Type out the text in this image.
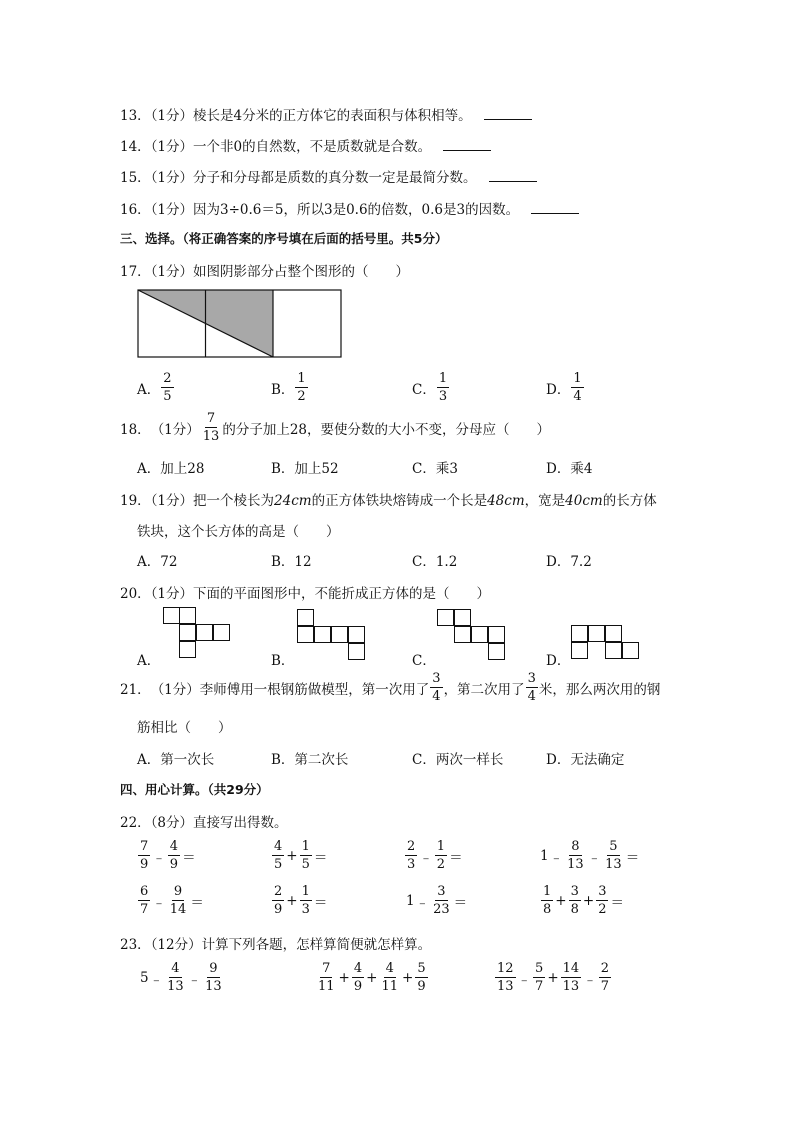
13．（1分）棱长是4分米的正方体它的表面积与体积相等。
14．（1分）一个非0的自然数，不是质数就是合数。
15．（1分）分子和分母都是质数的真分数一定是最简分数。
16．（1分）因为3÷0.6＝5，所以3是0.6的倍数，0.6是3的因数。
三、选择。（将正确答案的序号填在后面的括号里。共5分）
17．（1分）如图阴影部分占整个图形的（　　）
A． $\frac{2}{5}$	B． $\frac{1}{2}$	C． $\frac{1}{3}$	D． $\frac{1}{4}$
18． （1分） $\frac{7}{13}$ 的分子加上28，要使分数的大小不变，分母应（　　）
A．加上28	B．加上52	C．乘3	D．乘4
19．（1分）把一个棱长为24cm的正方体铁块熔铸成一个长是48cm，宽是40cm的长方体
铁块，这个长方体的高是（　　）
A．72	B．12	C．1.2	D．7.2
20．（1分）下面的平面图形中，不能折成正方体的是（　　）
A．	B．	C．	D．
21． （1分） 李师傅用一根钢筋做模型，第一次用了 $\frac{3}{4}$ ，第二次用了 $\frac{3}{4}$ 米，那么两次用的钢
筋相比（　　）
A．第一次长	B．第二次长	C．两次一样长	D．无法确定
四、用心计算。（共29分）
22．（8分）直接写出得数。
$\frac{7}{9}$ ﹣ $\frac{4}{9}$ ＝	$\frac{4}{5} + \frac{1}{5}$ ＝	$\frac{2}{3}$ ﹣ $\frac{1}{2}$ ＝	1 ﹣ $\frac{8}{13}$ ﹣ $\frac{5}{13}$ ＝
$\frac{6}{7}$ ﹣ $\frac{9}{14}$ ＝	$\frac{2}{9} + \frac{1}{3}$ ＝	1 ﹣ $\frac{3}{23}$ ＝	$\frac{1}{8} + \frac{3}{8} + \frac{3}{2}$ ＝
23．（12分）计算下列各题，怎样算简便就怎样算。
5 ﹣ $\frac{4}{13}$ ﹣ $\frac{9}{13}$	$\frac{7}{11} + \frac{4}{9} + \frac{4}{11} + \frac{5}{9}$	$\frac{12}{13}$ ﹣ $\frac{5}{7} + \frac{14}{13}$ ﹣ $\frac{2}{7}$
